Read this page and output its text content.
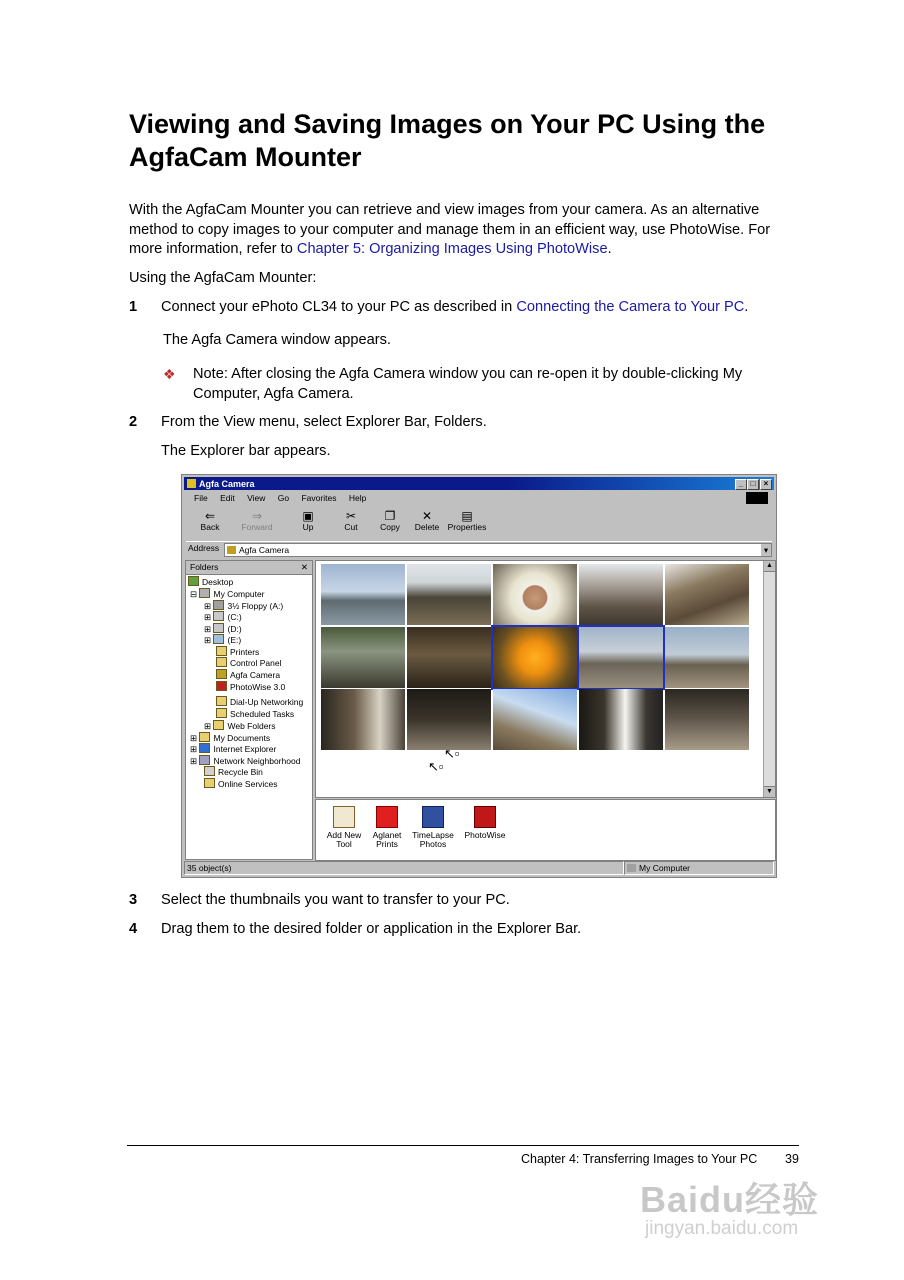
Viewing and Saving Images on Your PC Using the AgfaCam Mounter
With the AgfaCam Mounter you can retrieve and view images from your camera. As an alternative method to copy images to your computer and manage them in an efficient way, use PhotoWise. For more information, refer to Chapter 5: Organizing Images Using PhotoWise.
Using the AgfaCam Mounter:
1 Connect your ePhoto CL34 to your PC as described in Connecting the Camera to Your PC.
The Agfa Camera window appears.
❖ Note: After closing the Agfa Camera window you can re-open it by double-clicking My Computer, Agfa Camera.
2 From the View menu, select Explorer Bar, Folders.
The Explorer bar appears.
Agfa Camera	_ □	×
File Edit View Go Favorites Help
⇐
Back
⇒
Forward
▣
Up
✂
Cut
❐
Copy
✕
Delete
▤
Properties
Address	Agfa Camera	▾
Folders	✕
Desktop
⊟ My Computer
⊞ 3½ Floppy (A:)
⊞ (C:)
⊞ (D:)
⊞ (E:)
Printers
Control Panel
Agfa Camera
PhotoWise 3.0
Dial-Up Networking
Scheduled Tasks
⊞ Web Folders
⊞ My Documents
⊞ Internet Explorer
⊞ Network Neighborhood
Recycle Bin
Online Services
↖▫
↖▫
▲
▼
Add New
Tool
Aglanet
Prints
TimeLapse
Photos
PhotoWise
35 object(s)	My Computer
3 Select the thumbnails you want to transfer to your PC.
4 Drag them to the desired folder or application in the Explorer Bar.
Chapter 4: Transferring Images to Your PC 39
Baidu经验
jingyan.baidu.com
